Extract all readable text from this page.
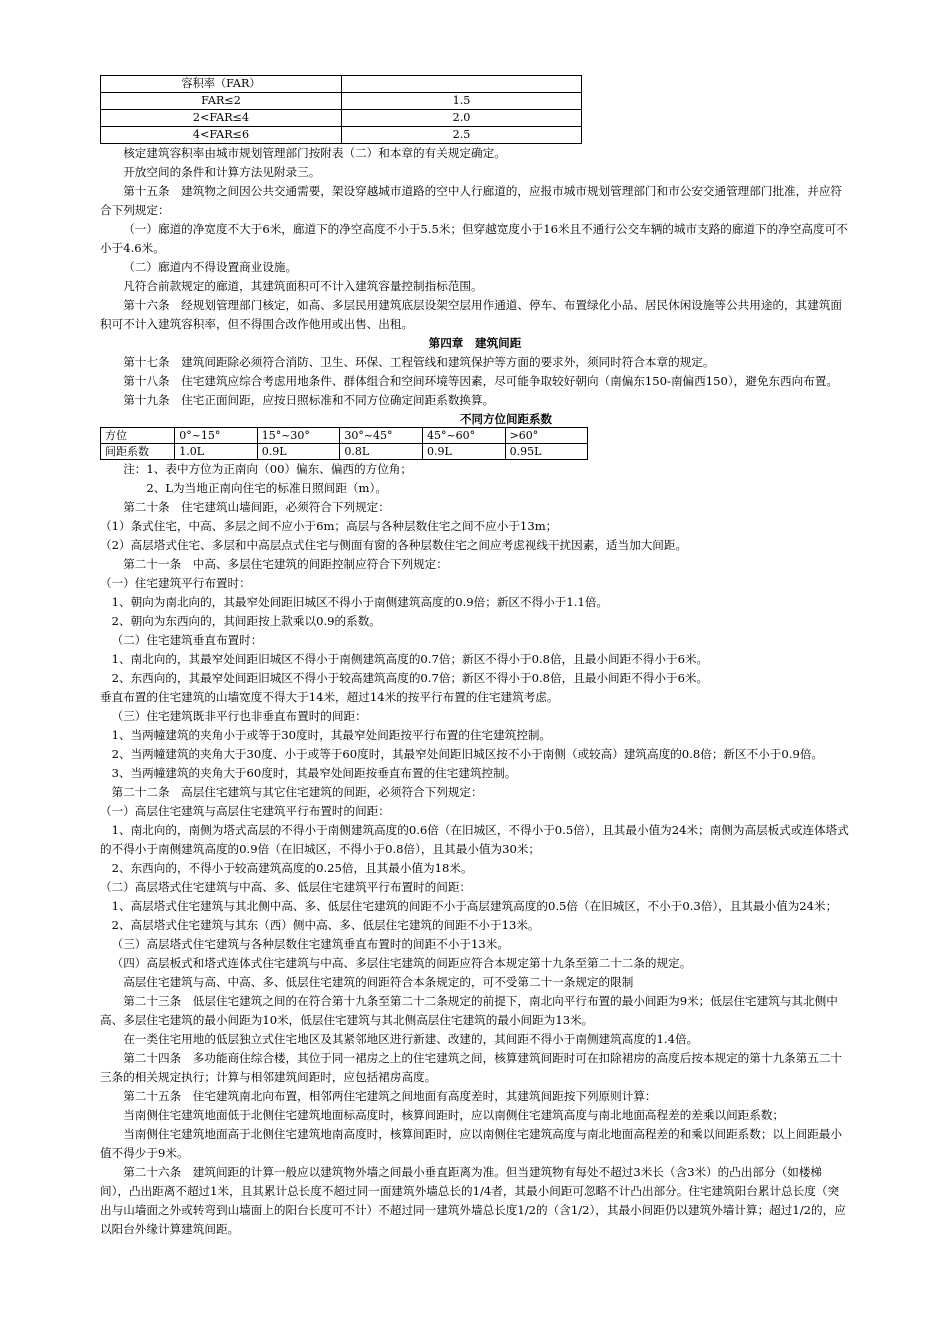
容积率（FAR）	
FAR≤2	1.5
2<FAR≤4	2.0
4<FAR≤6	2.5

核定建筑容积率由城市规划管理部门按附表（二）和本章的有关规定确定。

开放空间的条件和计算方法见附录三。

第十五条　建筑物之间因公共交通需要，架设穿越城市道路的空中人行廊道的，应报市城市规划管理部门和市公安交通管理部门批准，并应符合下列规定：

（一）廊道的净宽度不大于6米，廊道下的净空高度不小于5.5米；但穿越宽度小于16米且不通行公交车辆的城市支路的廊道下的净空高度可不小于4.6米。

（二）廊道内不得设置商业设施。

凡符合前款规定的廊道，其建筑面积可不计入建筑容量控制指标范围。

第十六条　经规划管理部门核定，如高、多层民用建筑底层设架空层用作通道、停车、布置绿化小品、居民休闲设施等公共用途的，其建筑面积可不计入建筑容积率，但不得围合改作他用或出售、出租。

第四章　建筑间距

第十七条　建筑间距除必须符合消防、卫生、环保、工程管线和建筑保护等方面的要求外，须同时符合本章的规定。

第十八条　住宅建筑应综合考虑用地条件、群体组合和空间环境等因素，尽可能争取较好朝向（南偏东150-南偏西150），避免东西向布置。

第十九条　住宅正面间距，应按日照标准和不同方位确定间距系数换算。

不同方位间距系数
方位	0°~15°	15°~30°	30°~45°	45°~60°	>60°
间距系数	1.0L	0.9L	0.8L	0.9L	0.95L

注：1、表中方位为正南向（00）偏东、偏西的方位角；

2、L为当地正南向住宅的标准日照间距（m）。

第二十条　住宅建筑山墙间距，必须符合下列规定：

（1）条式住宅，中高、多层之间不应小于6m；高层与各种层数住宅之间不应小于13m；

（2）高层塔式住宅、多层和中高层点式住宅与侧面有窗的各种层数住宅之间应考虑视线干扰因素，适当加大间距。

第二十一条　中高、多层住宅建筑的间距控制应符合下列规定：

（一）住宅建筑平行布置时：

1、朝向为南北向的，其最窄处间距旧城区不得小于南侧建筑高度的0.9倍；新区不得小于1.1倍。

2、朝向为东西向的，其间距按上款乘以0.9的系数。

（二）住宅建筑垂直布置时：

1、南北向的，其最窄处间距旧城区不得小于南侧建筑高度的0.7倍；新区不得小于0.8倍，且最小间距不得小于6米。

2、东西向的，其最窄处间距旧城区不得小于较高建筑高度的0.7倍；新区不得小于0.8倍，且最小间距不得小于6米。

垂直布置的住宅建筑的山墙宽度不得大于14米，超过14米的按平行布置的住宅建筑考虑。

（三）住宅建筑既非平行也非垂直布置时的间距：

1、当两幢建筑的夹角小于或等于30度时，其最窄处间距按平行布置的住宅建筑控制。

2、当两幢建筑的夹角大于30度、小于或等于60度时，其最窄处间距旧城区按不小于南侧（或较高）建筑高度的0.8倍；新区不小于0.9倍。

3、当两幢建筑的夹角大于60度时，其最窄处间距按垂直布置的住宅建筑控制。

第二十二条　高层住宅建筑与其它住宅建筑的间距，必须符合下列规定：

（一）高层住宅建筑与高层住宅建筑平行布置时的间距：

1、南北向的，南侧为塔式高层的不得小于南侧建筑高度的0.6倍（在旧城区，不得小于0.5倍），且其最小值为24米；南侧为高层板式或连体塔式的不得小于南侧建筑高度的0.9倍（在旧城区，不得小于0.8倍），且其最小值为30米；

2、东西向的，不得小于较高建筑高度的0.25倍，且其最小值为18米。

（二）高层塔式住宅建筑与中高、多、低层住宅建筑平行布置时的间距：

1、高层塔式住宅建筑与其北侧中高、多、低层住宅建筑的间距不小于高层建筑高度的0.5倍（在旧城区，不小于0.3倍），且其最小值为24米；

2、高层塔式住宅建筑与其东（西）侧中高、多、低层住宅建筑的间距不小于13米。

（三）高层塔式住宅建筑与各种层数住宅建筑垂直布置时的间距不小于13米。

（四）高层板式和塔式连体式住宅建筑与中高、多层住宅建筑的间距应符合本规定第十九条至第二十二条的规定。

高层住宅建筑与高、中高、多、低层住宅建筑的间距符合本条规定的，可不受第二十一条规定的限制

第二十三条　低层住宅建筑之间的在符合第十九条至第二十二条规定的前提下，南北向平行布置的最小间距为9米；低层住宅建筑与其北侧中高、多层住宅建筑的最小间距为10米，低层住宅建筑与其北侧高层住宅建筑的最小间距为13米。

在一类住宅用地的低层独立式住宅地区及其紧邻地区进行新建、改建的，其间距不得小于南侧建筑高度的1.4倍。

第二十四条　多功能商住综合楼，其位于同一裙房之上的住宅建筑之间，核算建筑间距时可在扣除裙房的高度后按本规定的第十九条第五二十三条的相关规定执行；计算与相邻建筑间距时，应包括裙房高度。

第二十五条　住宅建筑南北向布置，相邻两住宅建筑之间地面有高度差时，其建筑间距按下列原则计算：

当南侧住宅建筑地面低于北侧住宅建筑地面标高度时，核算间距时，应以南侧住宅建筑高度与南北地面高程差的差乘以间距系数；

当南侧住宅建筑地面高于北侧住宅建筑地南高度时，核算间距时，应以南侧住宅建筑高度与南北地面高程差的和乘以间距系数；以上间距最小值不得少于9米。

第二十六条　建筑间距的计算一般应以建筑物外墙之间最小垂直距离为准。但当建筑物有每处不超过3米长（含3米）的凸出部分（如楼梯间），凸出距离不超过1米，且其累计总长度不超过同一面建筑外墙总长的1/4者，其最小间距可忽略不计凸出部分。住宅建筑阳台累计总长度（突出与山墙面之外或转弯到山墙面上的阳台长度可不计）不超过同一建筑外墙总长度1/2的（含1/2），其最小间距仍以建筑外墙计算；超过1/2的，应以阳台外缘计算建筑间距。
